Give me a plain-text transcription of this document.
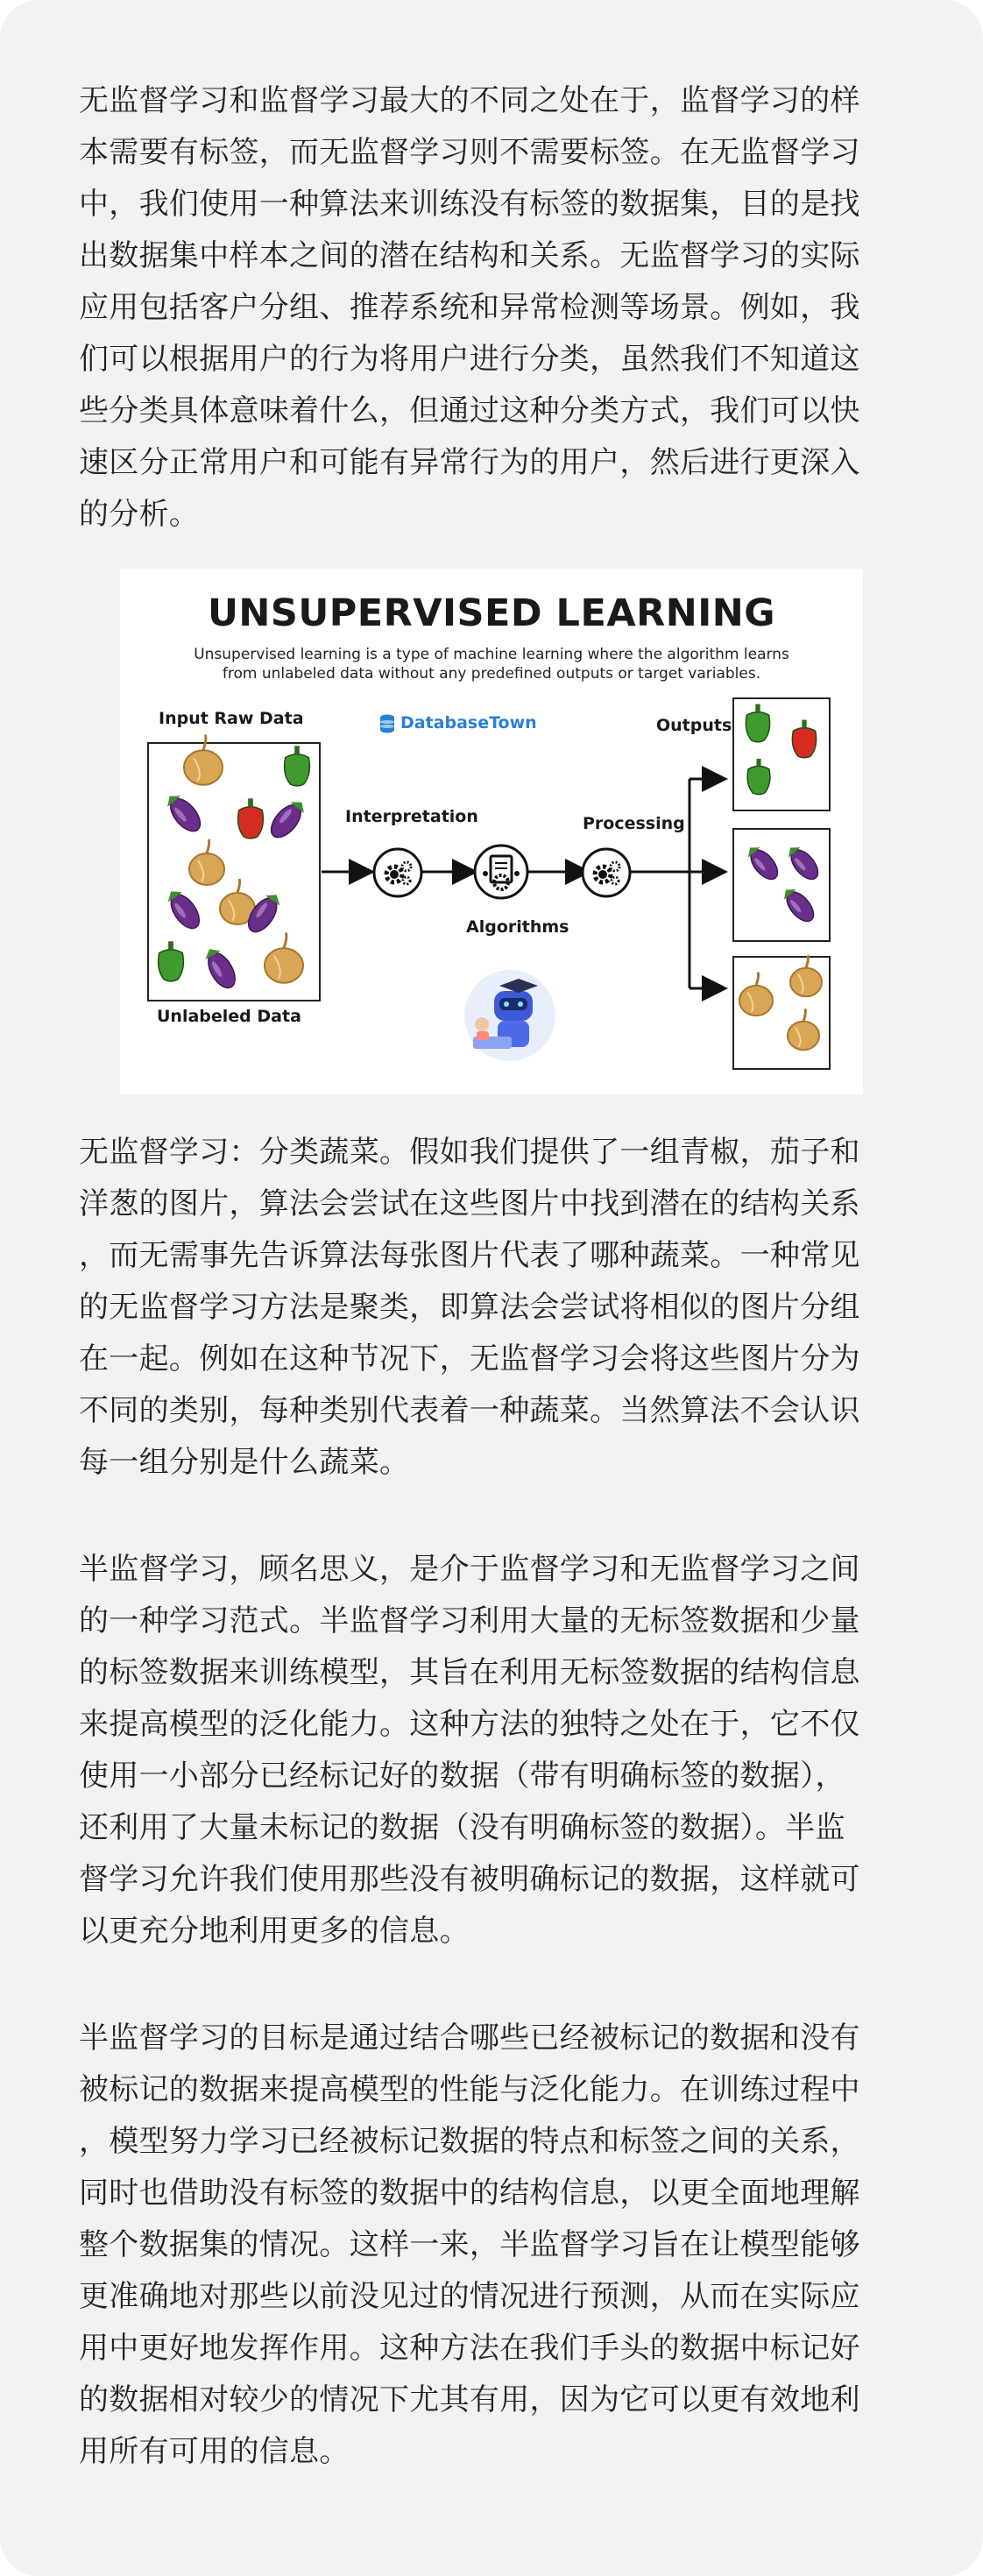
无监督学习和监督学习最大的不同之处在于，监督学习的样
本需要有标签，而无监督学习则不需要标签。在无监督学习
中，我们使用一种算法来训练没有标签的数据集，目的是找
出数据集中样本之间的潜在结构和关系。无监督学习的实际
应用包括客户分组、推荐系统和异常检测等场景。例如，我
们可以根据用户的行为将用户进行分类，虽然我们不知道这
些分类具体意味着什么，但通过这种分类方式，我们可以快
速区分正常用户和可能有异常行为的用户，然后进行更深入
的分析。
UNSUPERVISED LEARNING
Unsupervised learning is a type of machine learning where the algorithm learns
from unlabeled data without any predefined outputs or target variables.
DatabaseTown
Input Raw Data
Unlabeled Data
Interpretation
Algorithms
Processing
Outputs
无监督学习：分类蔬菜。假如我们提供了一组青椒，茄子和
洋葱的图片，算法会尝试在这些图片中找到潜在的结构关系
，而无需事先告诉算法每张图片代表了哪种蔬菜。一种常见
的无监督学习方法是聚类，即算法会尝试将相似的图片分组
在一起。例如在这种节况下，无监督学习会将这些图片分为
不同的类别，每种类别代表着一种蔬菜。当然算法不会认识
每一组分别是什么蔬菜。
半监督学习，顾名思义，是介于监督学习和无监督学习之间
的一种学习范式。半监督学习利用大量的无标签数据和少量
的标签数据来训练模型，其旨在利用无标签数据的结构信息
来提高模型的泛化能力。这种方法的独特之处在于，它不仅
使用一小部分已经标记好的数据（带有明确标签的数据），
还利用了大量未标记的数据（没有明确标签的数据）。半监
督学习允许我们使用那些没有被明确标记的数据，这样就可
以更充分地利用更多的信息。
半监督学习的目标是通过结合哪些已经被标记的数据和没有
被标记的数据来提高模型的性能与泛化能力。在训练过程中
，模型努力学习已经被标记数据的特点和标签之间的关系，
同时也借助没有标签的数据中的结构信息，以更全面地理解
整个数据集的情况。这样一来，半监督学习旨在让模型能够
更准确地对那些以前没见过的情况进行预测，从而在实际应
用中更好地发挥作用。这种方法在我们手头的数据中标记好
的数据相对较少的情况下尤其有用，因为它可以更有效地利
用所有可用的信息。
